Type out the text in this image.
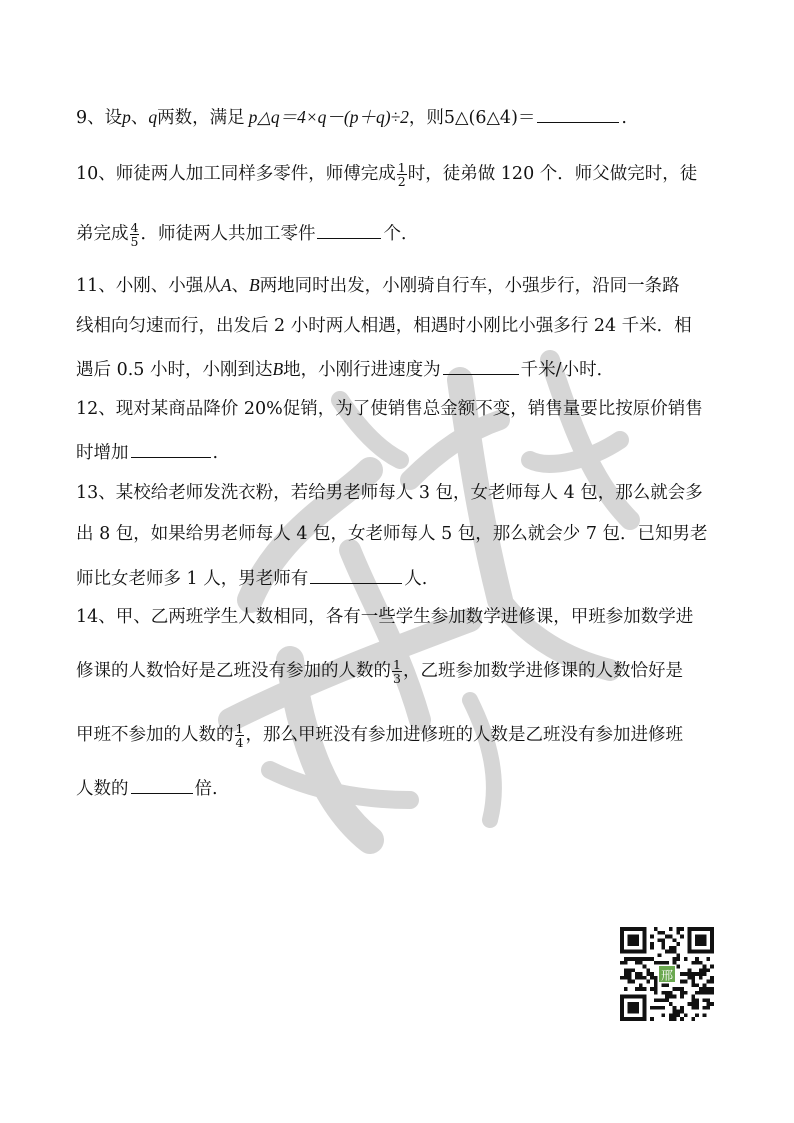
9、设p、q两数，满足 p△q＝4×q－(p＋q)÷2，则5△(6△4)＝	.
10、师徒两人加工同样多零件，师傅完成 $\frac{1}{2}$ 时，徒弟做 120 个．师父做完时，徒
弟完成 $\frac{4}{5}$ ．师徒两人共加工零件	个．
11、小刚、小强从A、B两地同时出发，小刚骑自行车，小强步行，沿同一条路
线相向匀速而行，出发后 2 小时两人相遇，相遇时小刚比小强多行 24 千米．相
遇后 0.5 小时，小刚到达B地，小刚行进速度为	千米/小时．
12、现对某商品降价 20%促销，为了使销售总金额不变，销售量要比按原价销售
时增加	.
13、某校给老师发洗衣粉，若给男老师每人 3 包，女老师每人 4 包，那么就会多
出 8 包，如果给男老师每人 4 包，女老师每人 5 包，那么就会少 7 包．已知男老
师比女老师多 1 人，男老师有	人.
14、甲、乙两班学生人数相同，各有一些学生参加数学进修课，甲班参加数学进
修课的人数恰好是乙班没有参加的人数的 $\frac{1}{3}$ ，乙班参加数学进修课的人数恰好是
甲班不参加的人数的 $\frac{1}{4}$ ，那么甲班没有参加进修班的人数是乙班没有参加进修班
人数的	倍.
邢
